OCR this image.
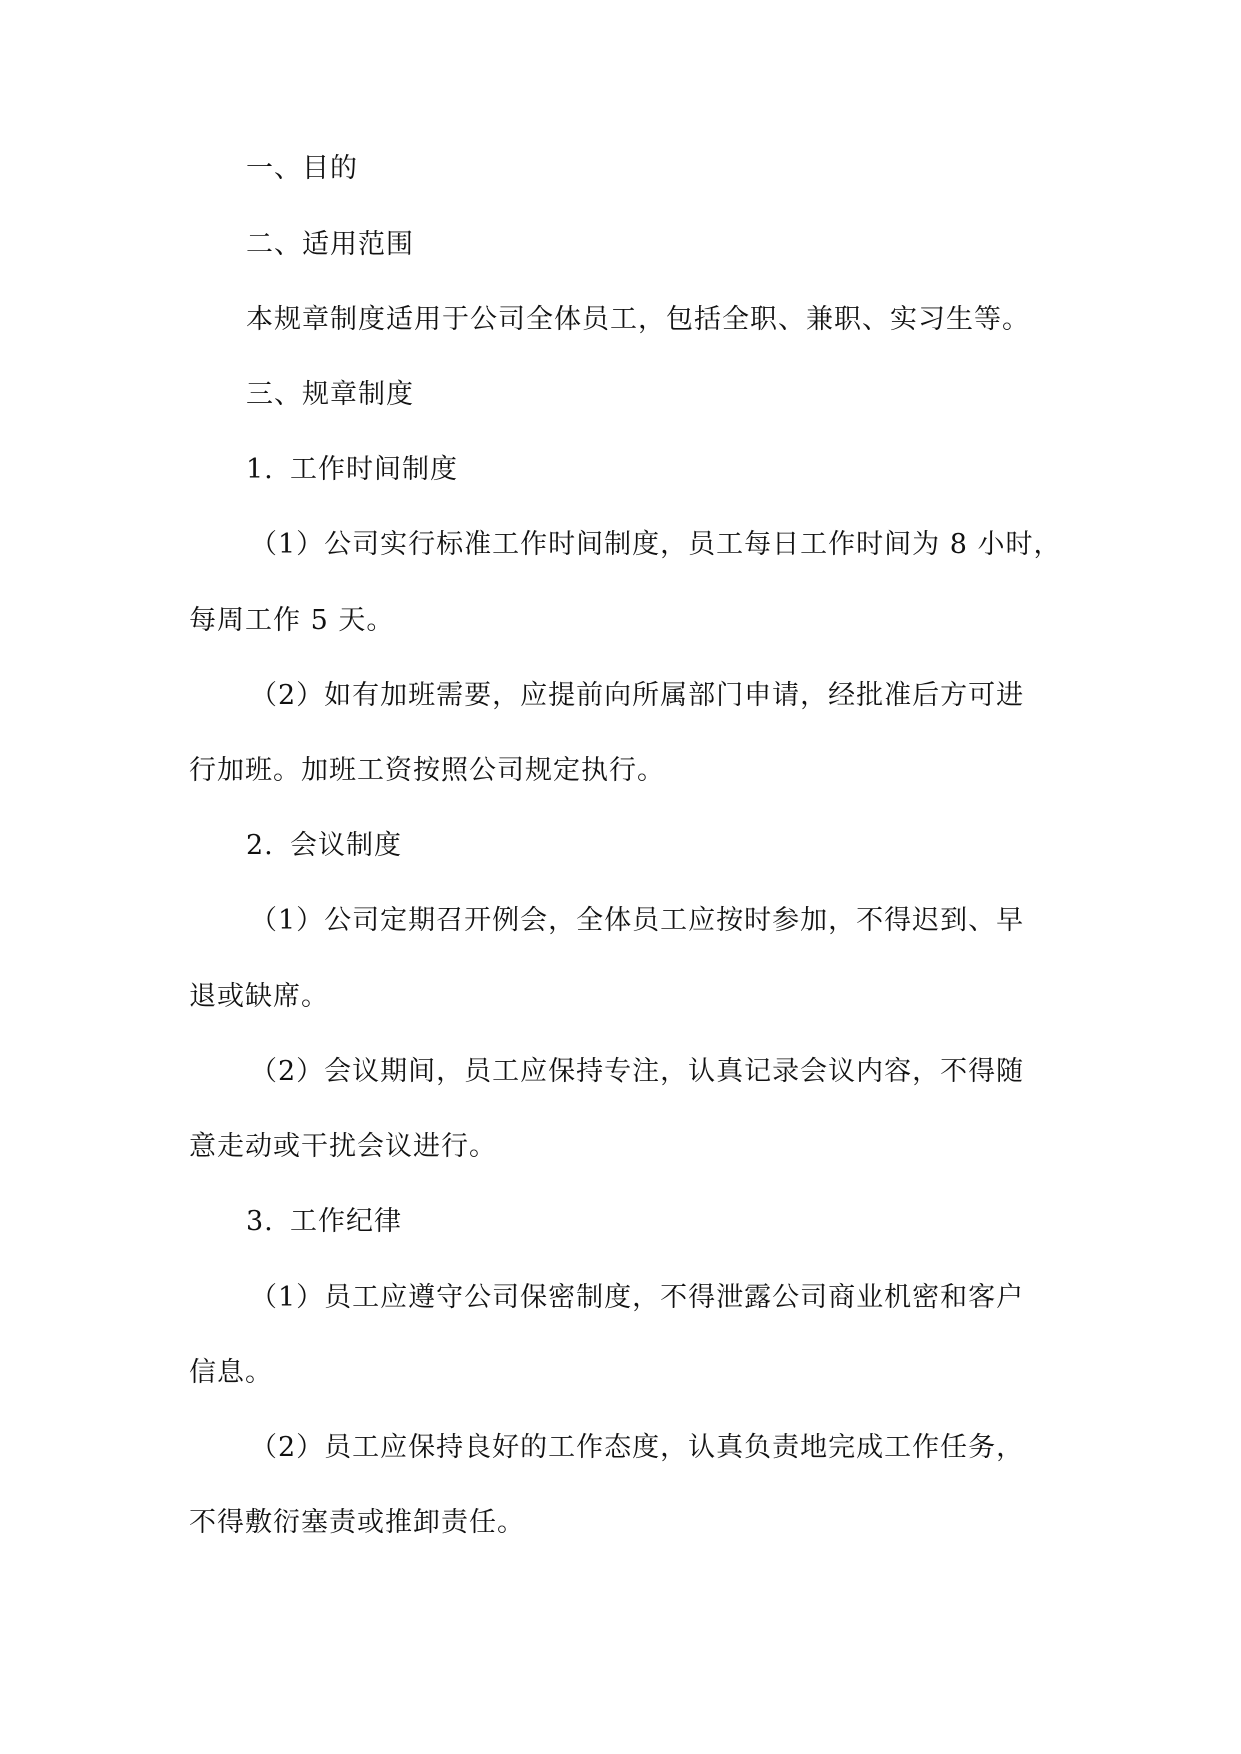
一、目的
二、适用范围
本规章制度适用于公司全体员工，包括全职、兼职、实习生等。
三、规章制度
1. 工作时间制度
（1）公司实行标准工作时间制度，员工每日工作时间为 8 小时，
每周工作 5 天。
（2）如有加班需要，应提前向所属部门申请，经批准后方可进
行加班。加班工资按照公司规定执行。
2. 会议制度
（1）公司定期召开例会，全体员工应按时参加，不得迟到、早
退或缺席。
（2）会议期间，员工应保持专注，认真记录会议内容，不得随
意走动或干扰会议进行。
3. 工作纪律
（1）员工应遵守公司保密制度，不得泄露公司商业机密和客户
信息。
（2）员工应保持良好的工作态度，认真负责地完成工作任务，
不得敷衍塞责或推卸责任。
